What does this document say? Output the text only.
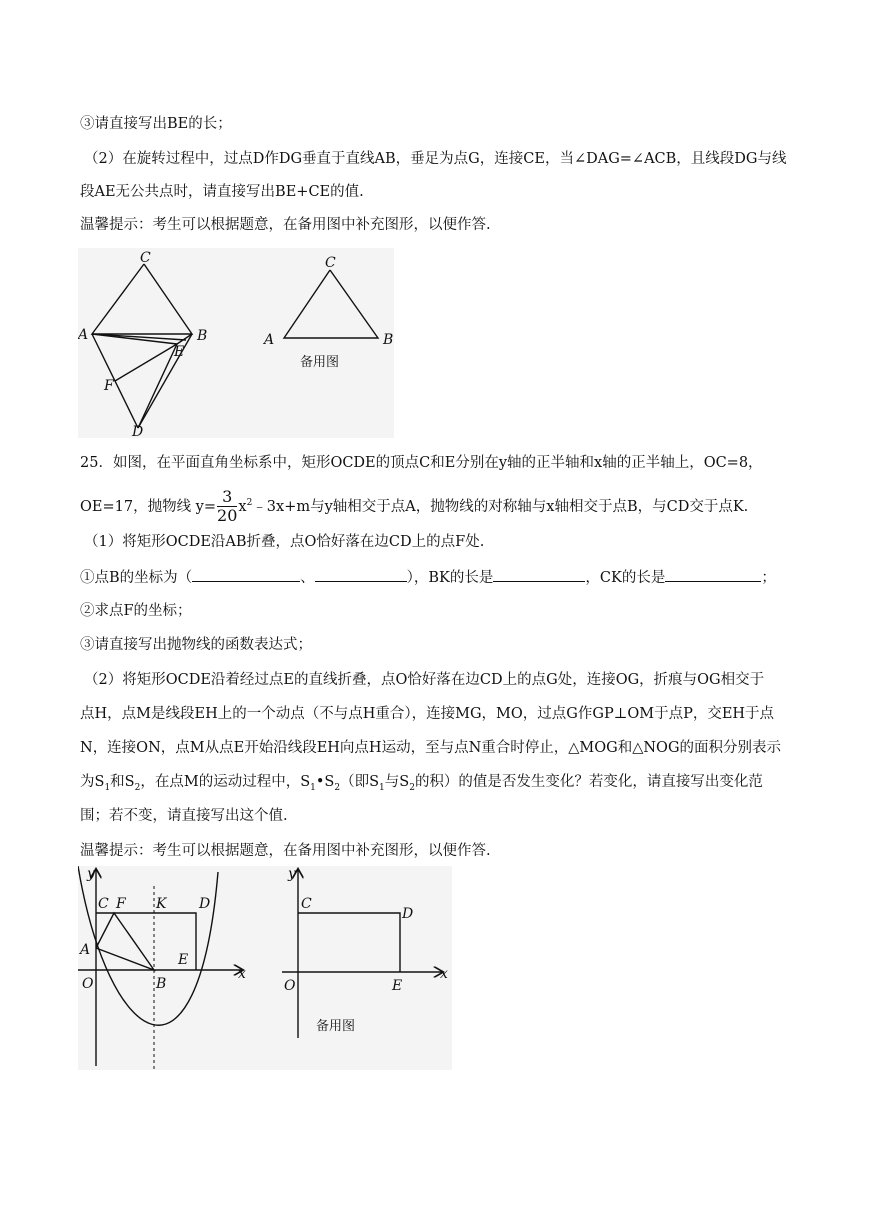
③请直接写出BE的长；
（2）在旋转过程中，过点D作DG垂直于直线AB，垂足为点G，连接CE，当∠DAG=∠ACB，且线段DG与线
段AE无公共点时，请直接写出BE+CE的值.
温馨提示：考生可以根据题意，在备用图中补充图形，以便作答.
C
A	B
E
F
D
C
A	B
备用图
25．如图，在平面直角坐标系中，矩形OCDE的顶点C和E分别在y轴的正半轴和x轴的正半轴上，OC=8，
OE=17，抛物线 $y= \frac{3}{20}$ $x^2﹣3x+m$与y轴相交于点A，抛物线的对称轴与x轴相交于点B，与CD交于点K.
（1）将矩形OCDE沿AB折叠，点O恰好落在边CD上的点F处.
①点B的坐标为（	、	），BK的长是	，CK的长是	；
②求点F的坐标；
③请直接写出抛物线的函数表达式；
（2）将矩形OCDE沿着经过点E的直线折叠，点O恰好落在边CD上的点G处，连接OG，折痕与OG相交于
点H，点M是线段EH上的一个动点（不与点H重合），连接MG，MO，过点G作GP⊥OM于点P，交EH于点
N，连接ON，点M从点E开始沿线段EH向点H运动，至与点N重合时停止，△MOG和△NOG的面积分别表示
为$S_1$和$S_2$，在点M的运动过程中，$S_1•S_2$（即$S_1$与$S_2$的积）的值是否发生变化？若变化，请直接写出变化范
围；若不变，请直接写出这个值.
温馨提示：考生可以根据题意，在备用图中补充图形，以便作答.
y
C F K D
A
E
O	B
x
y
C
D
O	E
x
备用图
